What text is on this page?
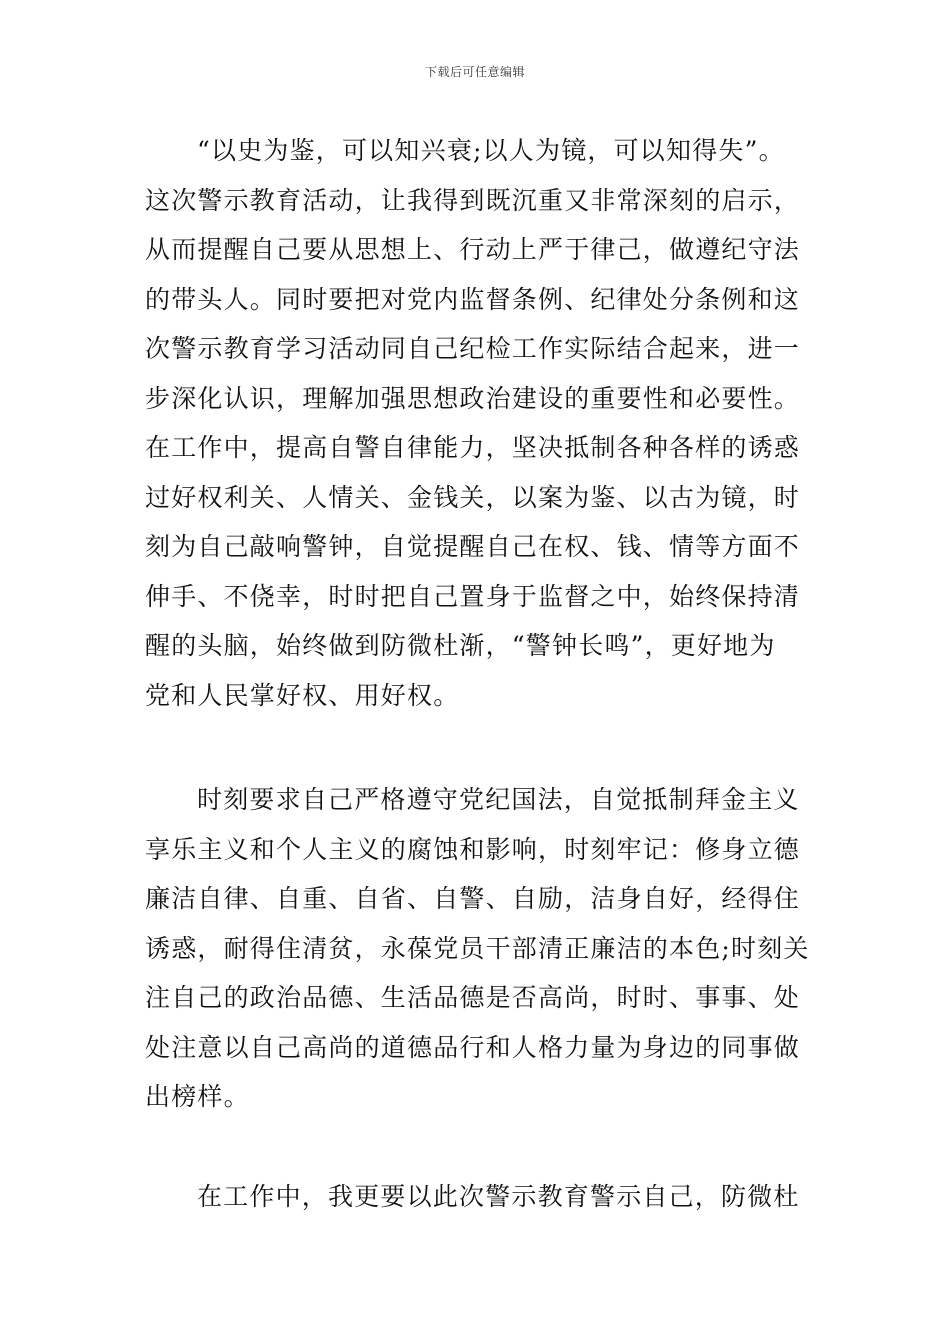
下载后可任意编辑
“以史为鉴，可以知兴衰;以人为镜，可以知得失”。
这次警示教育活动，让我得到既沉重又非常深刻的启示，
从而提醒自己要从思想上、行动上严于律己，做遵纪守法
的带头人。同时要把对党内监督条例、纪律处分条例和这
次警示教育学习活动同自己纪检工作实际结合起来，进一
步深化认识，理解加强思想政治建设的重要性和必要性。
在工作中，提高自警自律能力，坚决抵制各种各样的诱惑
过好权利关、人情关、金钱关，以案为鉴、以古为镜，时
刻为自己敲响警钟，自觉提醒自己在权、钱、情等方面不
伸手、不侥幸，时时把自己置身于监督之中，始终保持清
醒的头脑，始终做到防微杜渐，“警钟长鸣”，更好地为
党和人民掌好权、用好权。
时刻要求自己严格遵守党纪国法，自觉抵制拜金主义
享乐主义和个人主义的腐蚀和影响，时刻牢记：修身立德
廉洁自律、自重、自省、自警、自励，洁身自好，经得住
诱惑，耐得住清贫，永葆党员干部清正廉洁的本色;时刻关
注自己的政治品德、生活品德是否高尚，时时、事事、处
处注意以自己高尚的道德品行和人格力量为身边的同事做
出榜样。
在工作中，我更要以此次警示教育警示自己，防微杜
